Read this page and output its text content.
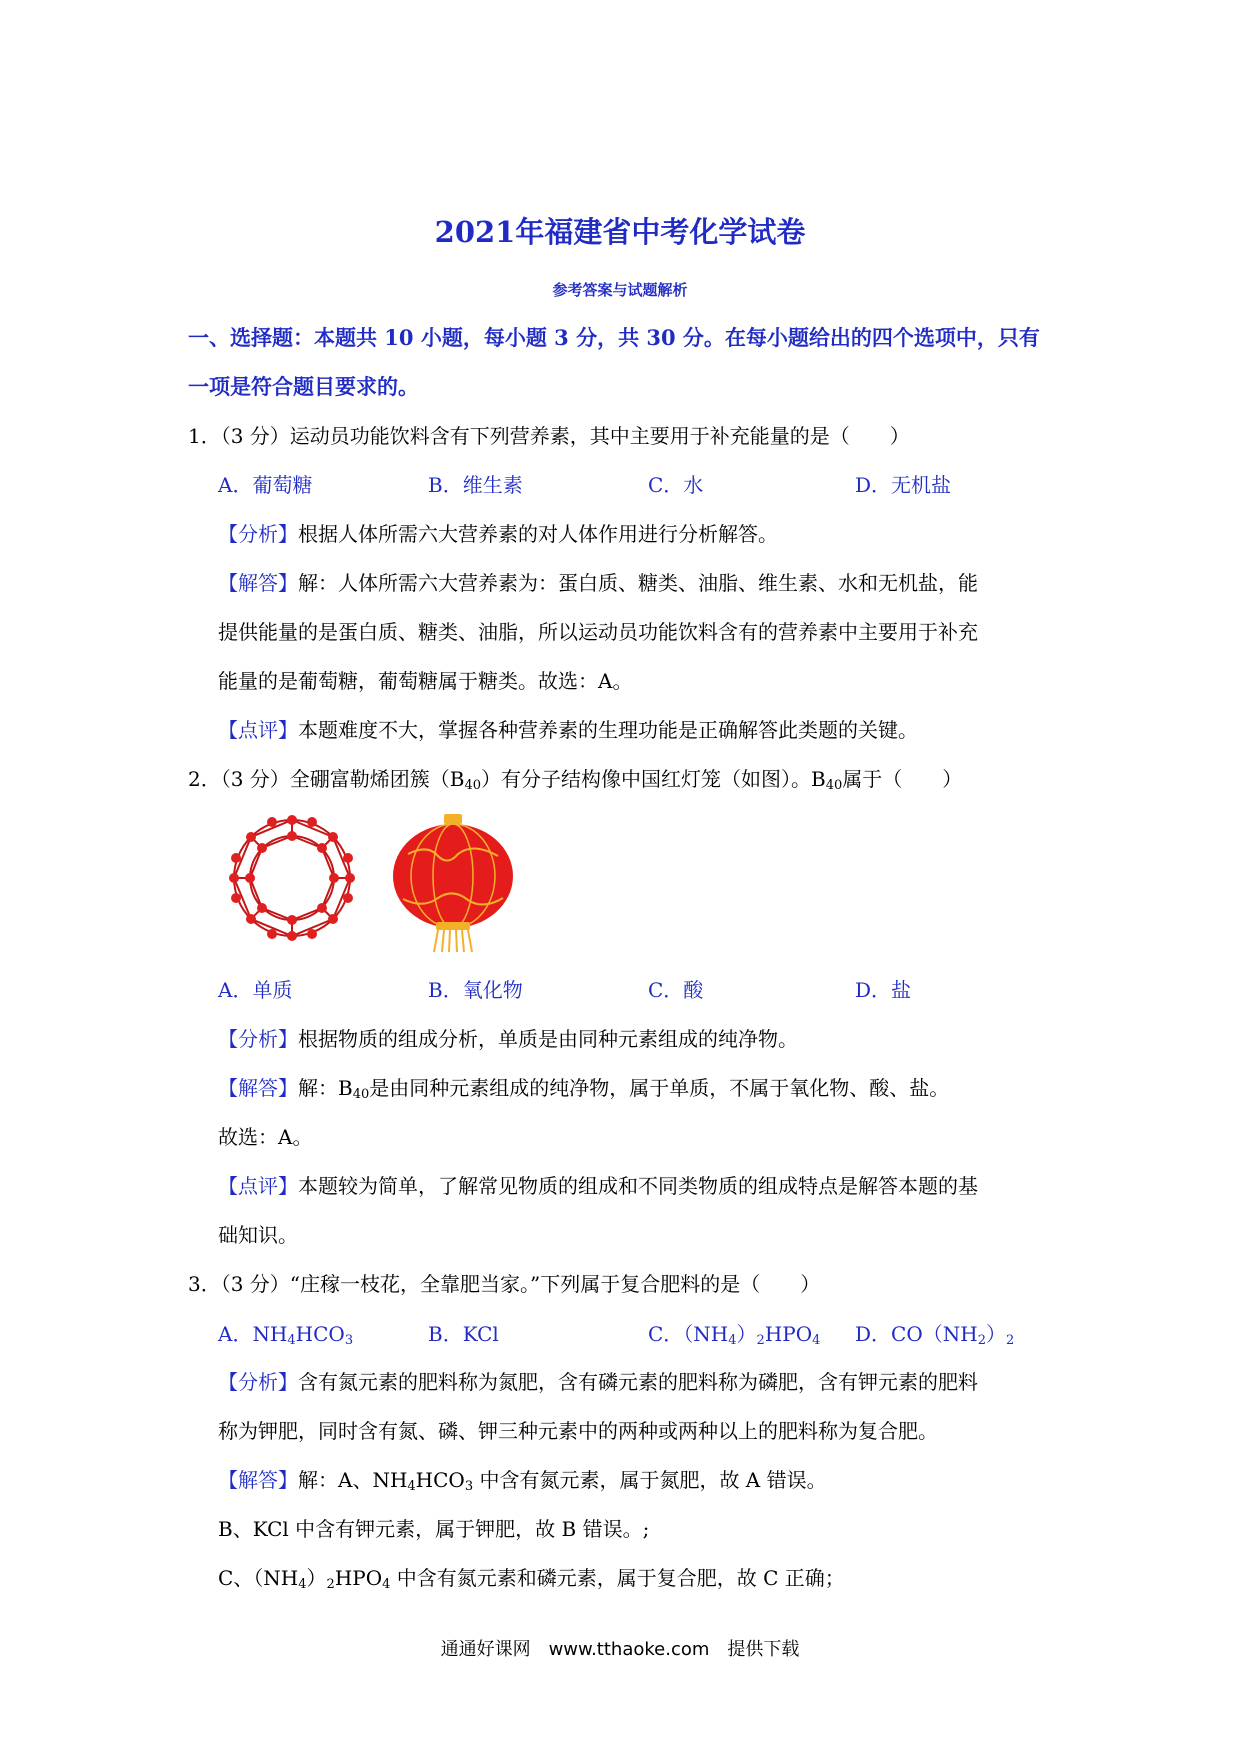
2021年福建省中考化学试卷
参考答案与试题解析
一、选择题：本题共 10 小题，每小题 3 分，共 30 分。在每小题给出的四个选项中，只有
一项是符合题目要求的。
1．（3 分）运动员功能饮料含有下列营养素，其中主要用于补充能量的是（　　）
A．葡萄糖	B．维生素	C．水	D．无机盐
【分析】根据人体所需六大营养素的对人体作用进行分析解答。
【解答】解：人体所需六大营养素为：蛋白质、糖类、油脂、维生素、水和无机盐，能
提供能量的是蛋白质、糖类、油脂，所以运动员功能饮料含有的营养素中主要用于补充
能量的是葡萄糖，葡萄糖属于糖类。故选：A。
【点评】本题难度不大，掌握各种营养素的生理功能是正确解答此类题的关键。
2．（3 分）全硼富勒烯团簇$(B_{40})$有分子结构像中国红灯笼（如图）。$B_{40}$属于（　　）
A．单质	B．氧化物	C．酸	D．盐
【分析】根据物质的组成分析，单质是由同种元素组成的纯净物。
【解答】解：$B_{40}$是由同种元素组成的纯净物，属于单质，不属于氧化物、酸、盐。
故选：A。
【点评】本题较为简单，了解常见物质的组成和不同类物质的组成特点是解答本题的基
础知识。
3．（3 分）“庄稼一枝花，全靠肥当家。”下列属于复合肥料的是（　　）
A．$NH_4HCO_3$	B．KCl	C．$(NH_4)_2HPO_4$ D．$CO(NH_2)_2$
【分析】含有氮元素的肥料称为氮肥，含有磷元素的肥料称为磷肥，含有钾元素的肥料
称为钾肥，同时含有氮、磷、钾三种元素中的两种或两种以上的肥料称为复合肥。
【解答】解：A、$NH_4HCO_3$ 中含有氮元素，属于氮肥，故 A 错误。
B、KCl 中含有钾元素，属于钾肥，故 B 错误。;
C、$(NH_4)_2HPO_4$ 中含有氮元素和磷元素，属于复合肥，故 C 正确；
通通好课网　www.tthaoke.com　提供下载
